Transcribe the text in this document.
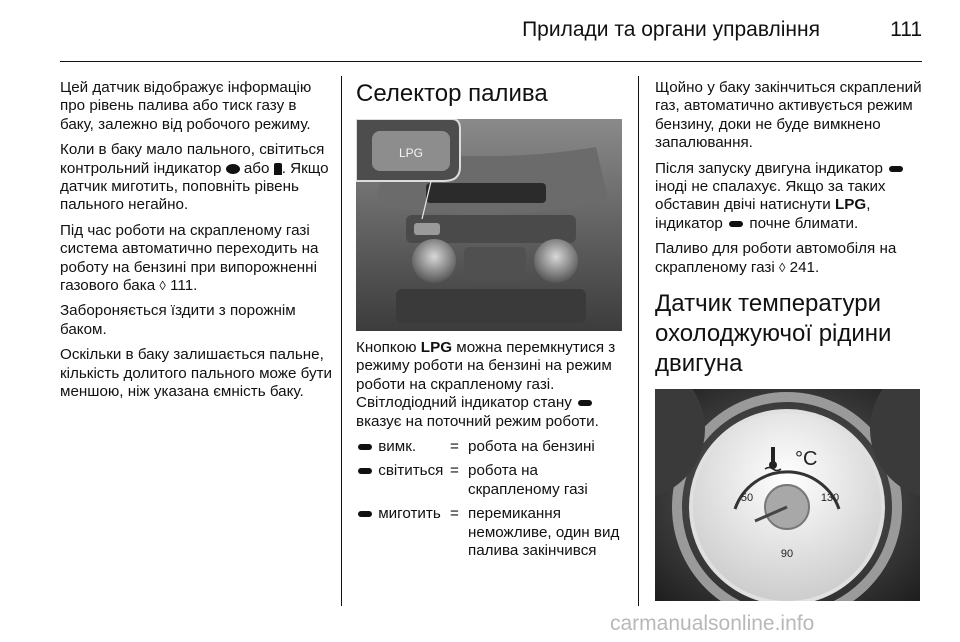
Прилади та органи управління	111

Цей датчик відображує інформацію про рівень палива або тиск газу в баку, залежно від робочого режиму.

Коли в баку мало пального, світиться контрольний індикатор або . Якщо датчик миготить, поповніть рівень пального негайно.

Під час роботи на скрапленому газі система автоматично переходить на роботу на бензині при випорожненні газового бака ◊ 111.

Забороняється їздити з порожнім баком.

Оскільки в баку залишається пальне, кількість долитого пального може бути меншою, ніж указана ємність баку.

Селектор палива
LPG

Кнопкою LPG можна перемкнутися з режиму роботи на бензині на режим роботи на скрапленому газі. Світлодіодний індикатор стану  вказує на поточний режим роботи.

вимк.	=	робота на бензині
світиться	=	робота на скрапленому газі
миготить	=	перемикання неможливе, один вид палива закінчився

Щойно у баку закінчиться скраплений газ, автоматично активується режим бензину, доки не буде вимкнено запалювання.

Після запуску двигуна індикатор  іноді не спалахує. Якщо за таких обставин двічі натиснути LPG, індикатор почне блимати.

Паливо для роботи автомобіля на скрапленому газі ◊ 241.

Датчик температури охолоджуючої рідини двигуна
°C
50	130
90
carmanualsonline.info
